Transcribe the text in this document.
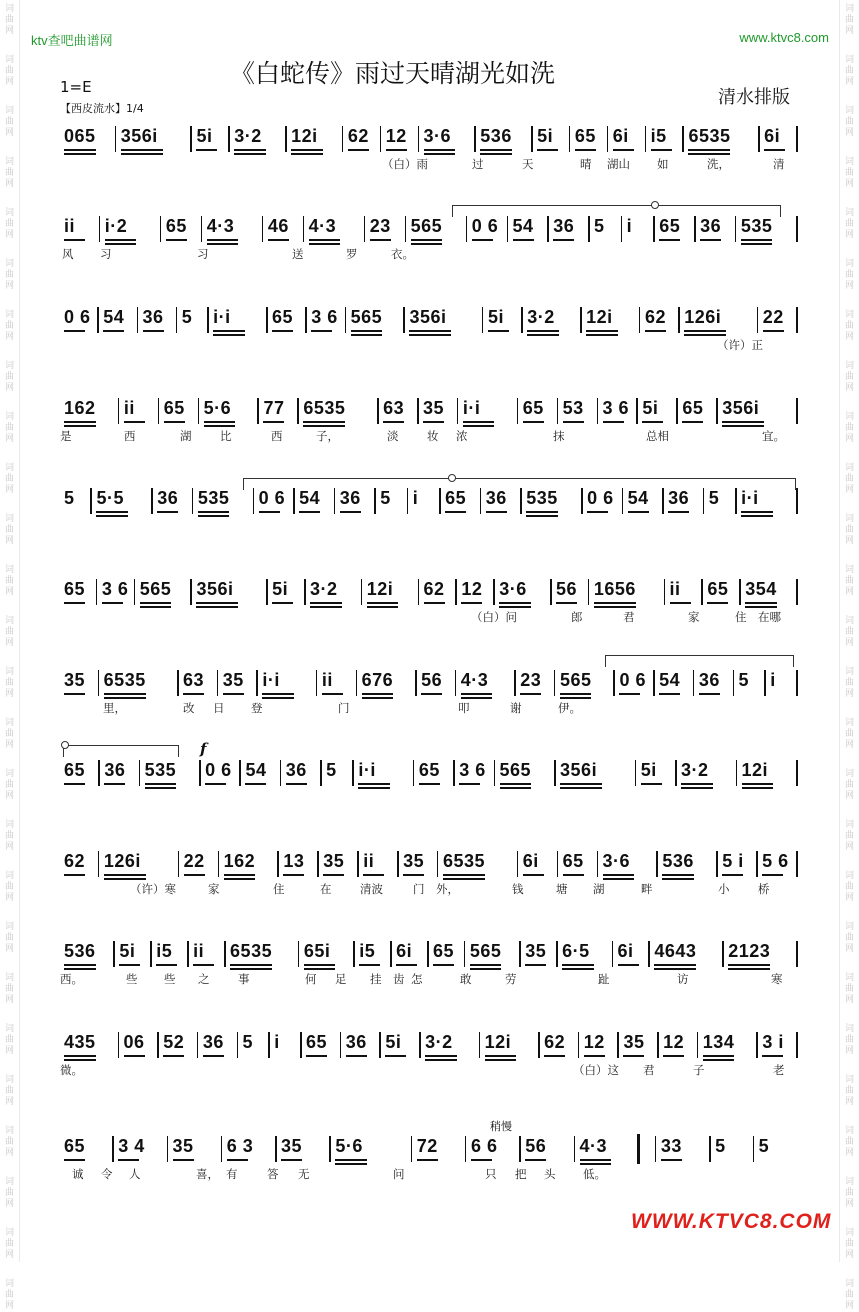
词曲网
词曲网
词曲网
词曲网
词曲网
词曲网
词曲网
词曲网
词曲网
词曲网
词曲网
词曲网
词曲网
词曲网
词曲网
词曲网
词曲网
词曲网
词曲网
词曲网
词曲网
词曲网
词曲网
词曲网
词曲网
词曲网
词曲网
词曲网
词曲网
词曲网
词曲网
词曲网
词曲网
词曲网
词曲网
词曲网
词曲网
词曲网
词曲网
词曲网
词曲网
词曲网
词曲网
词曲网
词曲网
词曲网
词曲网
词曲网
词曲网
词曲网
词曲网
词曲网
ktv查吧曲谱网	www.ktvc8.com
《白蛇传》雨过天晴湖光如洗
1=E
【西皮流水】1/4
清水排版
065 356i 5i 3·2 12i 62 12 3·6 536 5i 65 6i i5 6535 6i
（白）雨	过	天	晴 湖山 如	洗，	清
ii i·2 65 4·3 46 4·3 23 565 0 6 54 36 5 i 65 36 535
风 习	习	送	罗	衣。
0 6 54 36 5 i·i 65 3 6 565 356i 5i 3·2 12i 62 126i 22
（许）正
162 ii 65 5·6 77 6535 63 35 i·i 65 53 3 6 5i 65 356i
是	西	湖 比	西	子，	淡 妆 浓	抹	总相	宜。
5 5·5 36 535 0 6 54 36 5 i 65 36 535 0 6 54 36 5 i·i
65 3 6 565 356i 5i 3·2 12i 62 12 3·6 56 1656 ii 65 354
（白）问	郎	君	家	住 在哪
35 6535 63 35 i·i ii 676 56 4·3 23 565 0 6 54 36 5 i
里，	改 日 登	门	叩	谢	伊。
65 36 535 0 6 54 36 5 i·i 65 3 6 565 356i 5i 3·2 12i
62 126i 22 162 13 35 ii 35 6535 6i 65 3·6 536 5 i 5 6
（许）寒	家	住	在 清波	门 外，	钱	塘 湖	畔	小 桥
536 5i i5 ii 6535 65i i5 6i 65 565 35 6·5 6i 4643 2123
西。	些 些 之 事	何 足 挂 齿 怎	敢	劳	趾	访	寒
435 06 52 36 5 i 65 36 5i 3·2 12i 62 12 35 12 134 3 i
微。	（白）这 君	子	老
65 3 4 35 6 3 35 5·6	72 6 6 56 4·3	33 5 5
诚 令 人	喜， 有	答 无	问	只 把 头 低。
f
稍慢
WWW.KTVC8.COM
